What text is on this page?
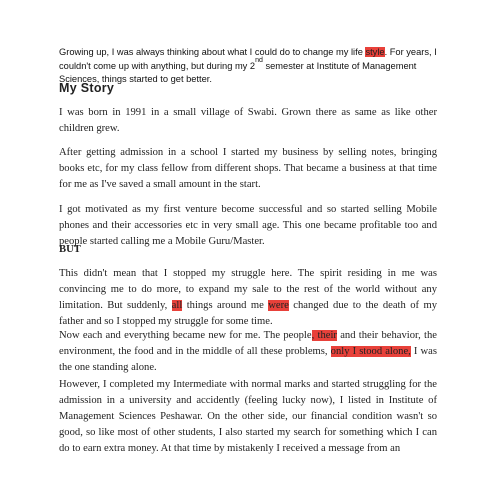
Growing up, I was always thinking about what I could do to change my life style. For years, I couldn't come up with anything, but during my 2nd semester at Institute of Management Sciences, things started to get better.

My Story

I was born in 1991 in a small village of Swabi. Grown there as same as like other children grew.

After getting admission in a school I started my business by selling notes, bringing books etc, for my class fellow from different shops. That became a business at that time for me as I've saved a small amount in the start.

I got motivated as my first venture become successful and so started selling Mobile phones and their accessories etc in very small age. This one became profitable too and people started calling me a Mobile Guru/Master.

BUT

This didn't mean that I stopped my struggle here. The spirit residing in me was convincing me to do more, to expand my sale to the rest of the world without any limitation. But suddenly, all things around me were changed due to the death of my father and so I stopped my struggle for some time.

Now each and everything became new for me. The people, their and their behavior, the environment, the food and in the middle of all these problems, only I stood alone, I was the one standing alone.

However, I completed my Intermediate with normal marks and started struggling for the admission in a university and accidently (feeling lucky now), I listed in Institute of Management Sciences Peshawar. On the other side, our financial condition wasn't so good, so like most of other students, I also started my search for something which I can do to earn extra money. At that time by mistakenly I received a message from an
